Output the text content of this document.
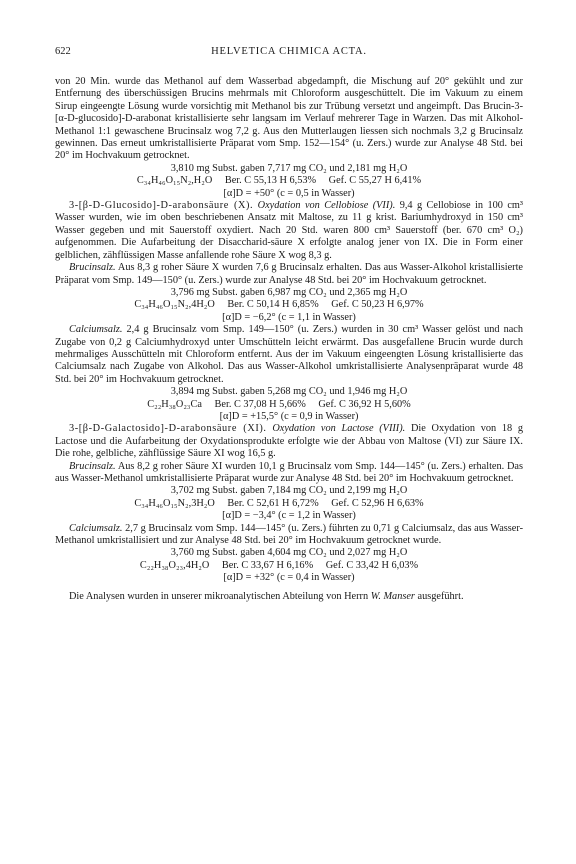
622	HELVETICA CHIMICA ACTA.

von 20 Min. wurde das Methanol auf dem Wasserbad abgedampft, die Mischung auf 20° gekühlt und zur Entfernung des überschüssigen Brucins mehrmals mit Chloroform ausgeschüttelt. Die im Vakuum zu einem Sirup eingeengte Lösung wurde vorsichtig mit Methanol bis zur Trübung versetzt und angeimpft. Das Brucin-3-[α-D-glucosido]-D-arabonat kristallisierte sehr langsam im Verlauf mehrerer Tage in Warzen. Das mit Alkohol-Methanol 1:1 gewaschene Brucinsalz wog 7,2 g. Aus den Mutterlaugen liessen sich nochmals 3,2 g Brucinsalz gewinnen. Das erneut umkristallisierte Präparat vom Smp. 152—154° (u. Zers.) wurde zur Analyse 48 Std. bei 20° im Hochvakuum getrocknet.

3,810 mg Subst. gaben 7,717 mg CO₂ und 2,181 mg H₂O
C₃₄H₄₆O₁₅N₂,H₂O Ber. C 55,13 H 6,53% Gef. C 55,27 H 6,41%
[α]D = +50° (c = 0,5 in Wasser)

3-[β-D-Glucosido]-D-arabonsäure (X). Oxydation von Cellobiose (VII). 9,4 g Cellobiose in 100 cm³ Wasser wurden, wie im oben beschriebenen Ansatz mit Maltose, zu 11 g krist. Bariumhydroxyd in 150 cm³ Wasser gegeben und mit Sauerstoff oxydiert. Nach 20 Std. waren 800 cm³ Sauerstoff (ber. 670 cm³ O₂) aufgenommen. Die Aufarbeitung der Disaccharid-säure X erfolgte analog jener von IX. Die in Form einer gelblichen, zähflüssigen Masse anfallende rohe Säure X wog 8,3 g.

Brucinsalz. Aus 8,3 g roher Säure X wurden 7,6 g Brucinsalz erhalten. Das aus Wasser-Alkohol kristallisierte Präparat vom Smp. 149—150° (u. Zers.) wurde zur Analyse 48 Std. bei 20° im Hochvakuum getrocknet.

3,796 mg Subst. gaben 6,987 mg CO₂ und 2,365 mg H₂O
C₃₄H₄₆O₁₅N₂,4H₂O Ber. C 50,14 H 6,85% Gef. C 50,23 H 6,97%
[α]D = −6,2° (c = 1,1 in Wasser)

Calciumsalz. 2,4 g Brucinsalz vom Smp. 149—150° (u. Zers.) wurden in 30 cm³ Wasser gelöst und nach Zugabe von 0,2 g Calciumhydroxyd unter Umschütteln leicht erwärmt. Das ausgefallene Brucin wurde durch mehrmaliges Ausschütteln mit Chloroform entfernt. Aus der im Vakuum eingeengten Lösung kristallisierte das Calciumsalz nach Zugabe von Alkohol. Das aus Wasser-Alkohol umkristallisierte Analysenpräparat wurde 48 Std. bei 20° im Hochvakuum getrocknet.

3,894 mg Subst. gaben 5,268 mg CO₂ und 1,946 mg H₂O
C₂₂H₃₈O₂₃Ca Ber. C 37,08 H 5,66% Gef. C 36,92 H 5,60%
[α]D = +15,5° (c = 0,9 in Wasser)

3-[β-D-Galactosido]-D-arabonsäure (XI). Oxydation von Lactose (VIII). Die Oxydation von 18 g Lactose und die Aufarbeitung der Oxydationsprodukte erfolgte wie der Abbau von Maltose (VI) zur Säure IX. Die rohe, gelbliche, zähflüssige Säure XI wog 16,5 g.

Brucinsalz. Aus 8,2 g roher Säure XI wurden 10,1 g Brucinsalz vom Smp. 144—145° (u. Zers.) erhalten. Das aus Wasser-Methanol umkristallisierte Präparat wurde zur Analyse 48 Std. bei 20° im Hochvakuum getrocknet.

3,702 mg Subst. gaben 7,184 mg CO₂ und 2,199 mg H₂O
C₃₄H₄₆O₁₅N₂,3H₂O Ber. C 52,61 H 6,72% Gef. C 52,96 H 6,63%
[α]D = −3,4° (c = 1,2 in Wasser)

Calciumsalz. 2,7 g Brucinsalz vom Smp. 144—145° (u. Zers.) führten zu 0,71 g Calciumsalz, das aus Wasser-Methanol umkristallisiert und zur Analyse 48 Std. bei 20° im Hochvakuum getrocknet wurde.

3,760 mg Subst. gaben 4,604 mg CO₂ und 2,027 mg H₂O
C₂₂H₃₈O₂₃,4H₂O Ber. C 33,67 H 6,16% Gef. C 33,42 H 6,03%
[α]D = +32° (c = 0,4 in Wasser)

Die Analysen wurden in unserer mikroanalytischen Abteilung von Herrn W. Manser ausgeführt.
